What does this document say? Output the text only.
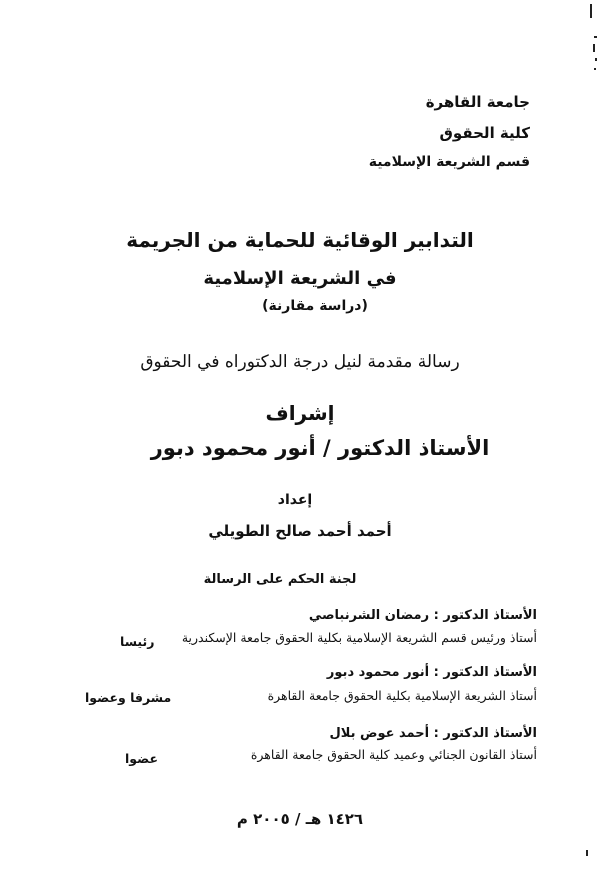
جامعة القاهرة
كلية الحقوق
قسم الشريعة الإسلامية
التدابير الوقائية للحماية من الجريمة
في الشريعة الإسلامية
(دراسة مقارنة)
رسالة مقدمة لنيل درجة الدكتوراه في الحقوق
إشراف
الأستاذ الدكتور / أنور محمود دبور
إعداد
أحمد أحمد صالح الطويلي
لجنة الحكم على الرسالة
الأستاذ الدكتور : رمضان الشرنباصي
أستاذ ورئيس قسم الشريعة الإسلامية بكلية الحقوق جامعة الإسكندرية
رئيسا
الأستاذ الدكتور : أنور محمود دبور
أستاذ الشريعة الإسلامية بكلية الحقوق جامعة القاهرة
مشرفا وعضوا
الأستاذ الدكتور : أحمد عوض بلال
أستاذ القانون الجنائي وعميد كلية الحقوق جامعة القاهرة
عضوا
١٤٢٦ هـ / ٢٠٠٥ م
